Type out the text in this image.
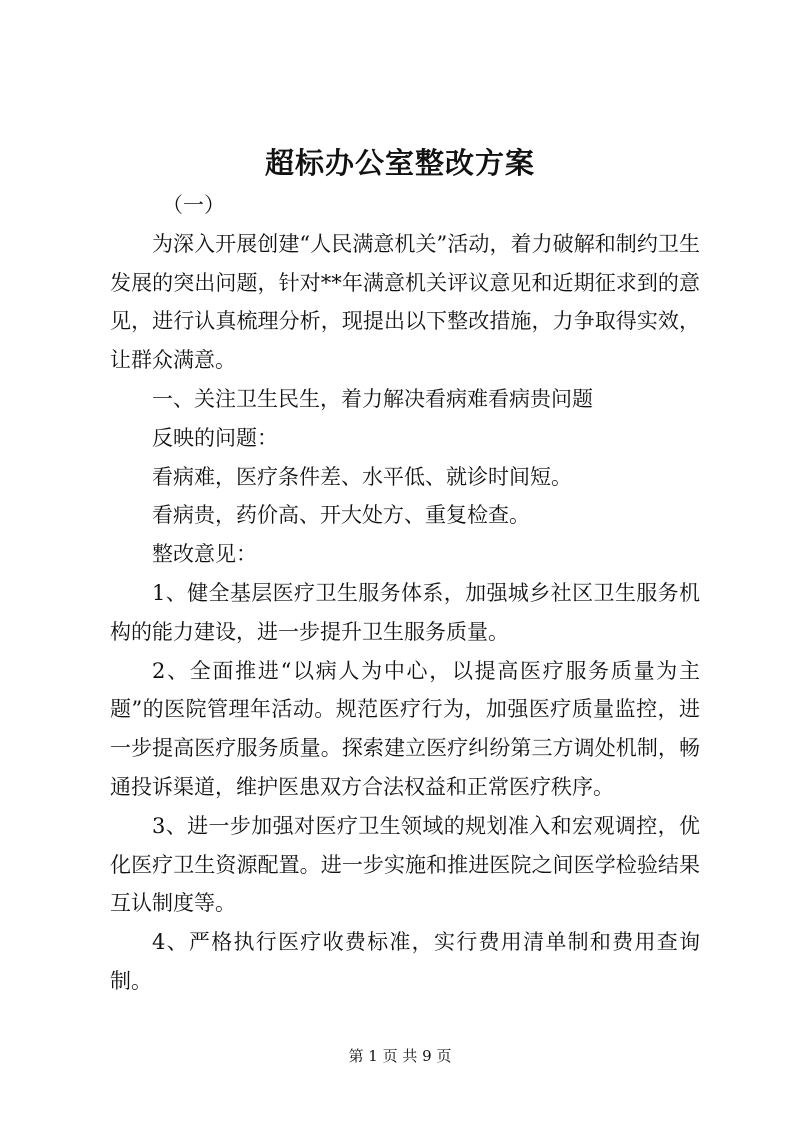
超标办公室整改方案

（一）

为深入开展创建“人民满意机关”活动，着力破解和制约卫生发展的突出问题，针对**年满意机关评议意见和近期征求到的意见，进行认真梳理分析，现提出以下整改措施，力争取得实效，让群众满意。

一、关注卫生民生，着力解决看病难看病贵问题

反映的问题：

看病难，医疗条件差、水平低、就诊时间短。

看病贵，药价高、开大处方、重复检查。

整改意见：

1、健全基层医疗卫生服务体系，加强城乡社区卫生服务机构的能力建设，进一步提升卫生服务质量。

2、全面推进“以病人为中心，以提高医疗服务质量为主题”的医院管理年活动。规范医疗行为，加强医疗质量监控，进一步提高医疗服务质量。探索建立医疗纠纷第三方调处机制，畅通投诉渠道，维护医患双方合法权益和正常医疗秩序。

3、进一步加强对医疗卫生领域的规划准入和宏观调控，优化医疗卫生资源配置。进一步实施和推进医院之间医学检验结果互认制度等。

4、严格执行医疗收费标准，实行费用清单制和费用查询制。

第 1 页 共 9 页
